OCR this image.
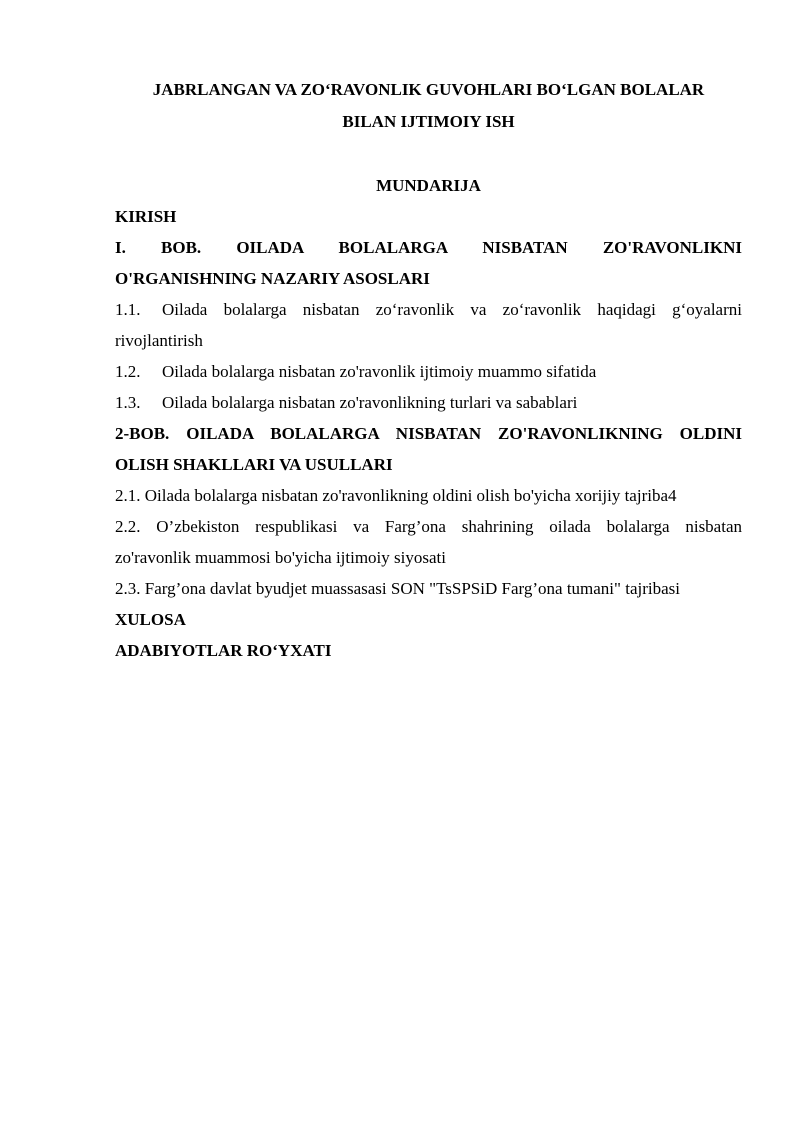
JABRLANGAN VA ZO‘RAVONLIK GUVOHLARI BO‘LGAN BOLALAR
BILAN IJTIMOIY ISH
MUNDARIJA
KIRISH
I. BOB. OILADA BOLALARGA NISBATAN ZO'RAVONLIKNI
O'RGANISHNING NAZARIY ASOSLARI
1.1.	Oilada bolalarga nisbatan zo‘ravonlik va zo‘ravonlik haqidagi g‘oyalarni
rivojlantirish
1.2.	Oilada bolalarga nisbatan zo'ravonlik ijtimoiy muammo sifatida
1.3.	Oilada bolalarga nisbatan zo'ravonlikning turlari va sabablari
2-BOB. OILADA BOLALARGA NISBATAN ZO'RAVONLIKNING OLDINI
OLISH SHAKLLARI VA USULLARI
2.1. Oilada bolalarga nisbatan zo'ravonlikning oldini olish bo'yicha xorijiy tajriba4
2.2. O’zbekiston respublikasi va Farg’ona shahrining oilada bolalarga nisbatan
zo'ravonlik muammosi bo'yicha ijtimoiy siyosati
2.3. Farg’ona davlat byudjet muassasasi SON "TsSPSiD Farg’ona tumani" tajribasi
XULOSA
ADABIYOTLAR RO‘YXATI
